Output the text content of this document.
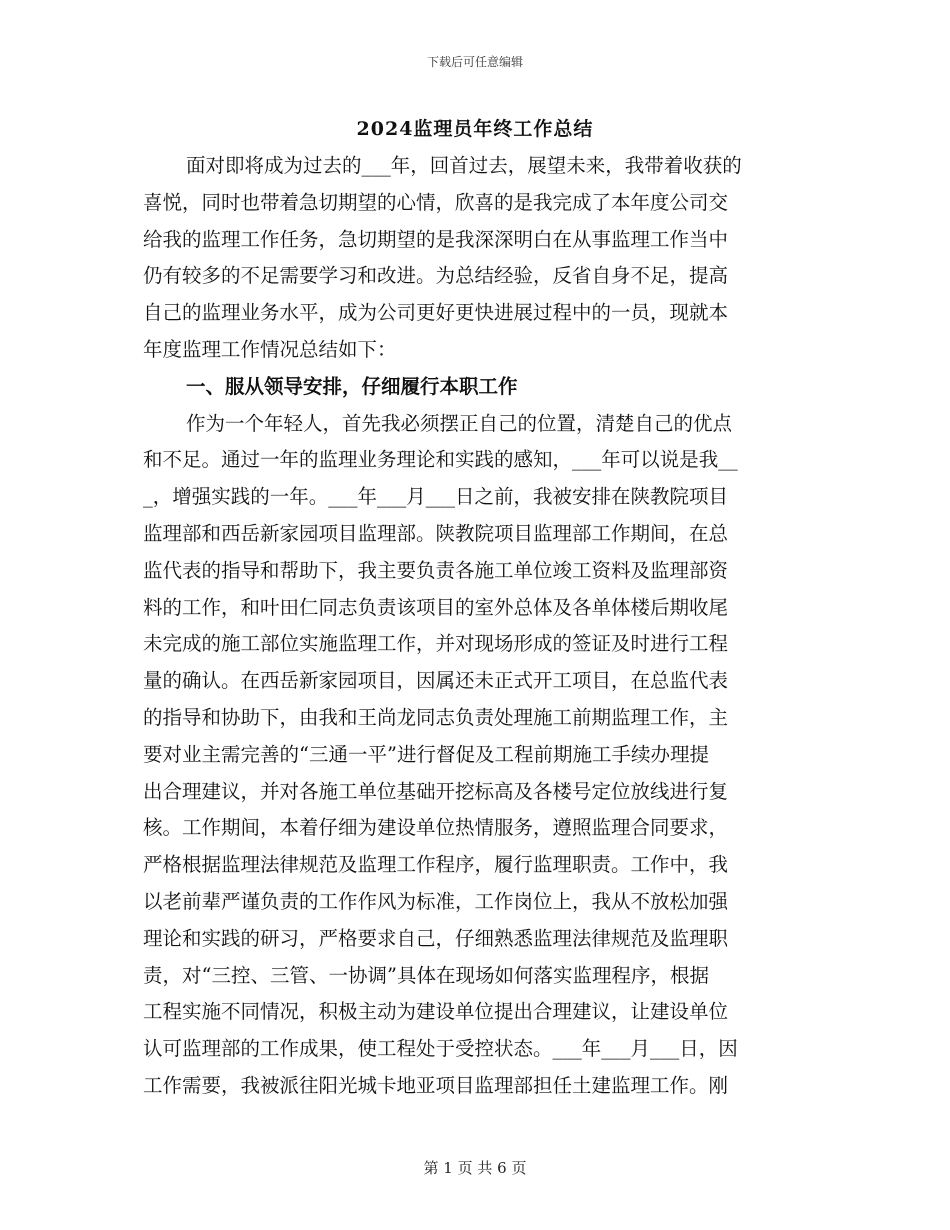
下载后可任意编辑
2024监理员年终工作总结
面对即将成为过去的___年，回首过去，展望未来，我带着收获的
喜悦，同时也带着急切期望的心情，欣喜的是我完成了本年度公司交
给我的监理工作任务，急切期望的是我深深明白在从事监理工作当中
仍有较多的不足需要学习和改进。为总结经验，反省自身不足，提高
自己的监理业务水平，成为公司更好更快进展过程中的一员，现就本
年度监理工作情况总结如下：
一、服从领导安排，仔细履行本职工作
作为一个年轻人，首先我必须摆正自己的位置，清楚自己的优点
和不足。通过一年的监理业务理论和实践的感知，___年可以说是我__
_，增强实践的一年。___年___月___日之前，我被安排在陕教院项目
监理部和西岳新家园项目监理部。陕教院项目监理部工作期间，在总
监代表的指导和帮助下，我主要负责各施工单位竣工资料及监理部资
料的工作，和叶田仁同志负责该项目的室外总体及各单体楼后期收尾
未完成的施工部位实施监理工作，并对现场形成的签证及时进行工程
量的确认。在西岳新家园项目，因属还未正式开工项目，在总监代表
的指导和协助下，由我和王尚龙同志负责处理施工前期监理工作，主
要对业主需完善的“三通一平”进行督促及工程前期施工手续办理提
出合理建议，并对各施工单位基础开挖标高及各楼号定位放线进行复
核。工作期间，本着仔细为建设单位热情服务，遵照监理合同要求，
严格根据监理法律规范及监理工作程序，履行监理职责。工作中，我
以老前辈严谨负责的工作作风为标准，工作岗位上，我从不放松加强
理论和实践的研习，严格要求自己，仔细熟悉监理法律规范及监理职
责，对“三控、三管、一协调”具体在现场如何落实监理程序，根据
工程实施不同情况，积极主动为建设单位提出合理建议，让建设单位
认可监理部的工作成果，使工程处于受控状态。___年___月___日，因
工作需要，我被派往阳光城卡地亚项目监理部担任土建监理工作。刚
第 1 页 共 6 页
